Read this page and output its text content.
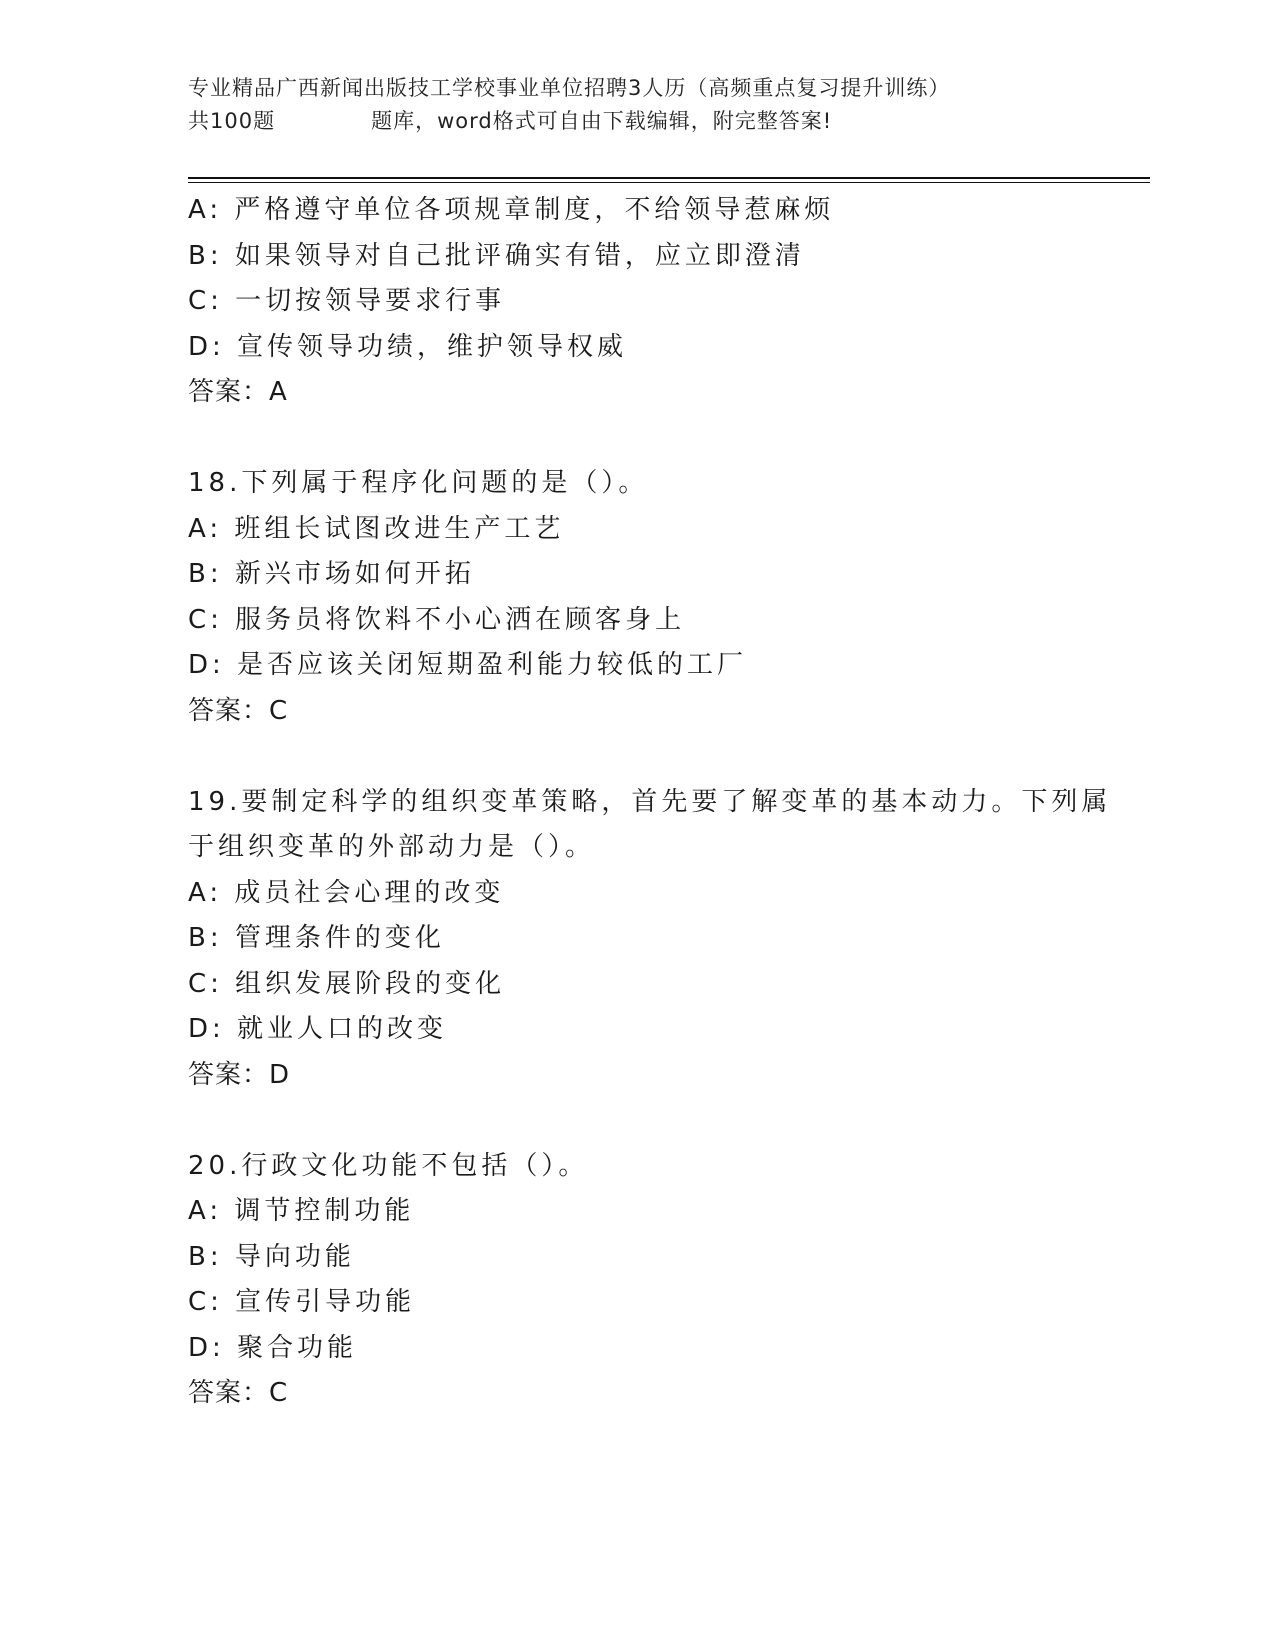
专业精品广西新闻出版技工学校事业单位招聘3人历（高频重点复习提升训练）
共100题	题库，word格式可自由下载编辑，附完整答案!
A: 严格遵守单位各项规章制度，不给领导惹麻烦
B: 如果领导对自己批评确实有错，应立即澄清
C: 一切按领导要求行事
D: 宣传领导功绩，维护领导权威
答案：A
18.下列属于程序化问题的是（）。
A: 班组长试图改进生产工艺
B: 新兴市场如何开拓
C: 服务员将饮料不小心洒在顾客身上
D: 是否应该关闭短期盈利能力较低的工厂
答案：C
19.要制定科学的组织变革策略，首先要了解变革的基本动力。下列属
于组织变革的外部动力是（）。
A: 成员社会心理的改变
B: 管理条件的变化
C: 组织发展阶段的变化
D: 就业人口的改变
答案：D
20.行政文化功能不包括（）。
A: 调节控制功能
B: 导向功能
C: 宣传引导功能
D: 聚合功能
答案：C
